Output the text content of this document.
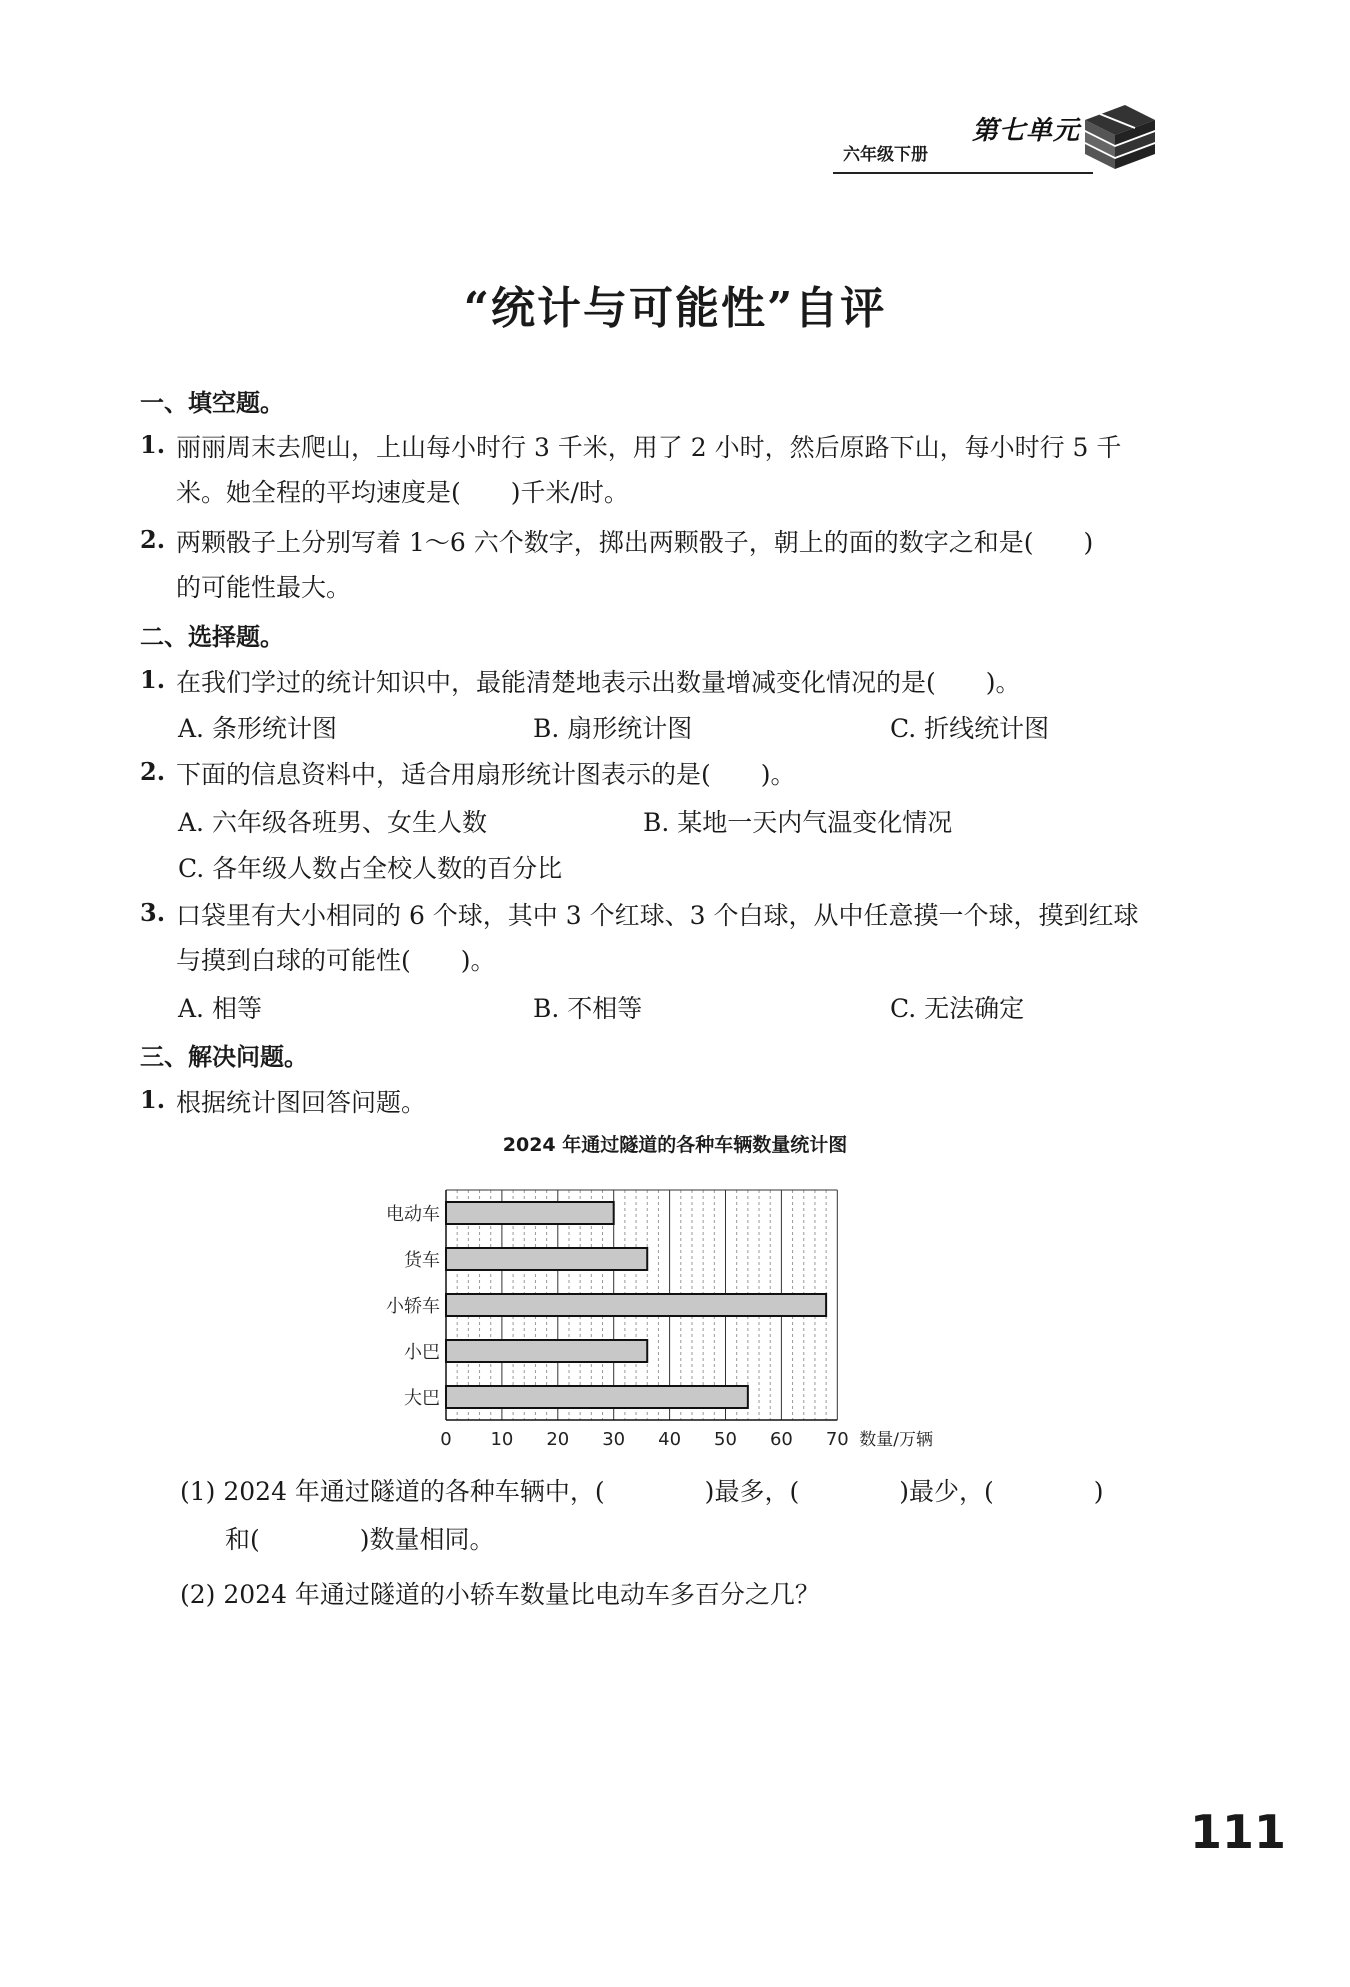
第七单元
六年级下册
“统计与可能性”自评
一、填空题。
1. 丽丽周末去爬山，上山每小时行 3 千米，用了 2 小时，然后原路下山，每小时行 5 千
米。她全程的平均速度是(　　)千米/时。
2. 两颗骰子上分别写着 1～6 六个数字，掷出两颗骰子，朝上的面的数字之和是(　　)
的可能性最大。
二、选择题。
1. 在我们学过的统计知识中，最能清楚地表示出数量增减变化情况的是(　　)。
A. 条形统计图	B. 扇形统计图	C. 折线统计图
2. 下面的信息资料中，适合用扇形统计图表示的是(　　)。
A. 六年级各班男、女生人数	B. 某地一天内气温变化情况
C. 各年级人数占全校人数的百分比
3. 口袋里有大小相同的 6 个球，其中 3 个红球、3 个白球，从中任意摸一个球，摸到红球
与摸到白球的可能性(　　)。
A. 相等	B. 不相等	C. 无法确定
三、解决问题。
1. 根据统计图回答问题。
2024 年通过隧道的各种车辆数量统计图
电动车
货车
小轿车
小巴
大巴
0 10 20 30 40 50 60 70 数量/万辆
(1) 2024 年通过隧道的各种车辆中，(　　　　)最多，(　　　　)最少，(　　　　)
和(　　　　)数量相同。
(2) 2024 年通过隧道的小轿车数量比电动车多百分之几？
111
